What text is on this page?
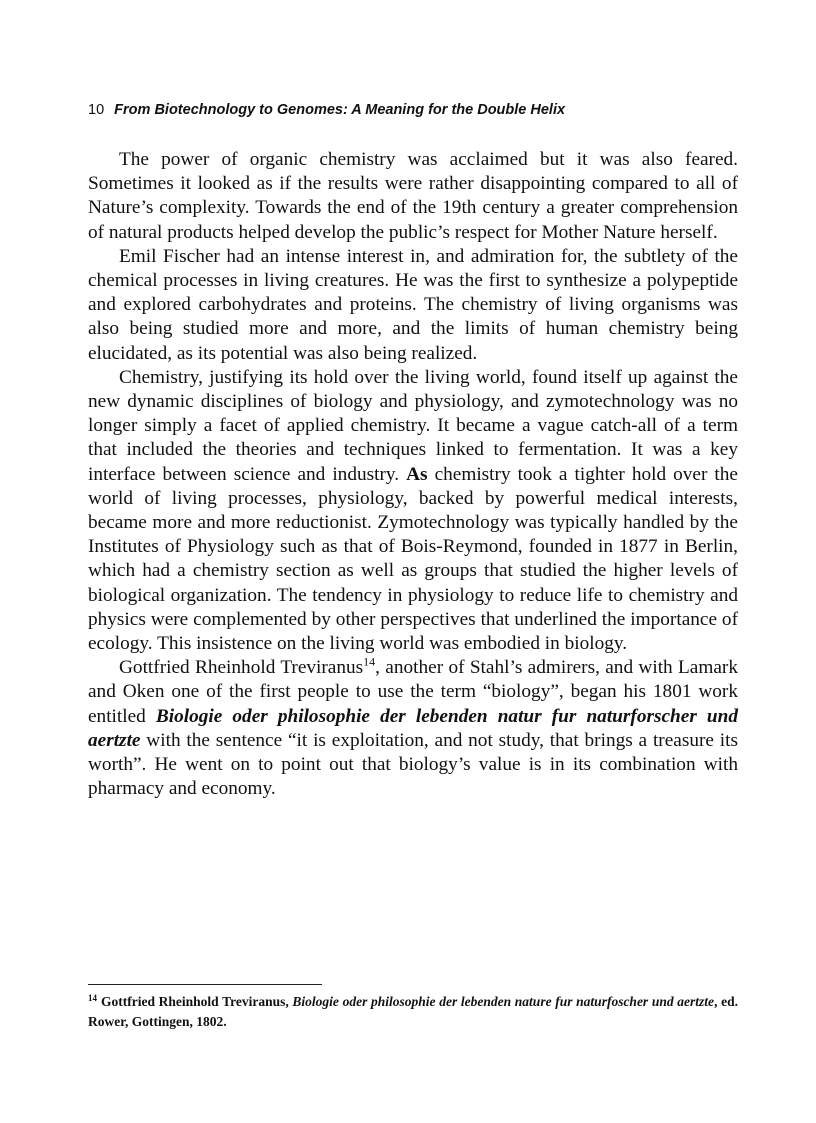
10 From Biotechnology to Genomes: A Meaning for the Double Helix

The power of organic chemistry was acclaimed but it was also feared. Sometimes it looked as if the results were rather disappointing compared to all of Nature’s complexity. Towards the end of the 19th century a greater comprehension of natural products helped develop the public’s respect for Mother Nature herself.

Emil Fischer had an intense interest in, and admiration for, the subtlety of the chemical processes in living creatures. He was the first to synthesize a polypeptide and explored carbohydrates and proteins. The chemistry of living organisms was also being studied more and more, and the limits of human chemistry being elucidated, as its potential was also being realized.

Chemistry, justifying its hold over the living world, found itself up against the new dynamic disciplines of biology and physiology, and zymotechnology was no longer simply a facet of applied chemistry. It became a vague catch-all of a term that included the theories and techniques linked to fermentation. It was a key interface between science and industry. As chemistry took a tighter hold over the world of living processes, physiology, backed by powerful medical interests, became more and more reductionist. Zymotechnology was typically handled by the Institutes of Physiology such as that of Bois-Reymond, founded in 1877 in Berlin, which had a chemistry section as well as groups that studied the higher levels of biological organization. The tendency in physiology to reduce life to chemistry and physics were complemented by other perspectives that underlined the importance of ecology. This insistence on the living world was embodied in biology.

Gottfried Rheinhold Treviranus$^{14}$, another of Stahl’s admirers, and with Lamark and Oken one of the first people to use the term “biology”, began his 1801 work entitled Biologie oder philosophie der lebenden natur fur naturforscher und aertzte with the sentence “it is exploitation, and not study, that brings a treasure its worth”. He went on to point out that biology’s value is in its combination with pharmacy and economy.

$^{14}$ Gottfried Rheinhold Treviranus, Biologie oder philosophie der lebenden nature fur naturfoscher und aertzte, ed. Rower, Gottingen, 1802.
